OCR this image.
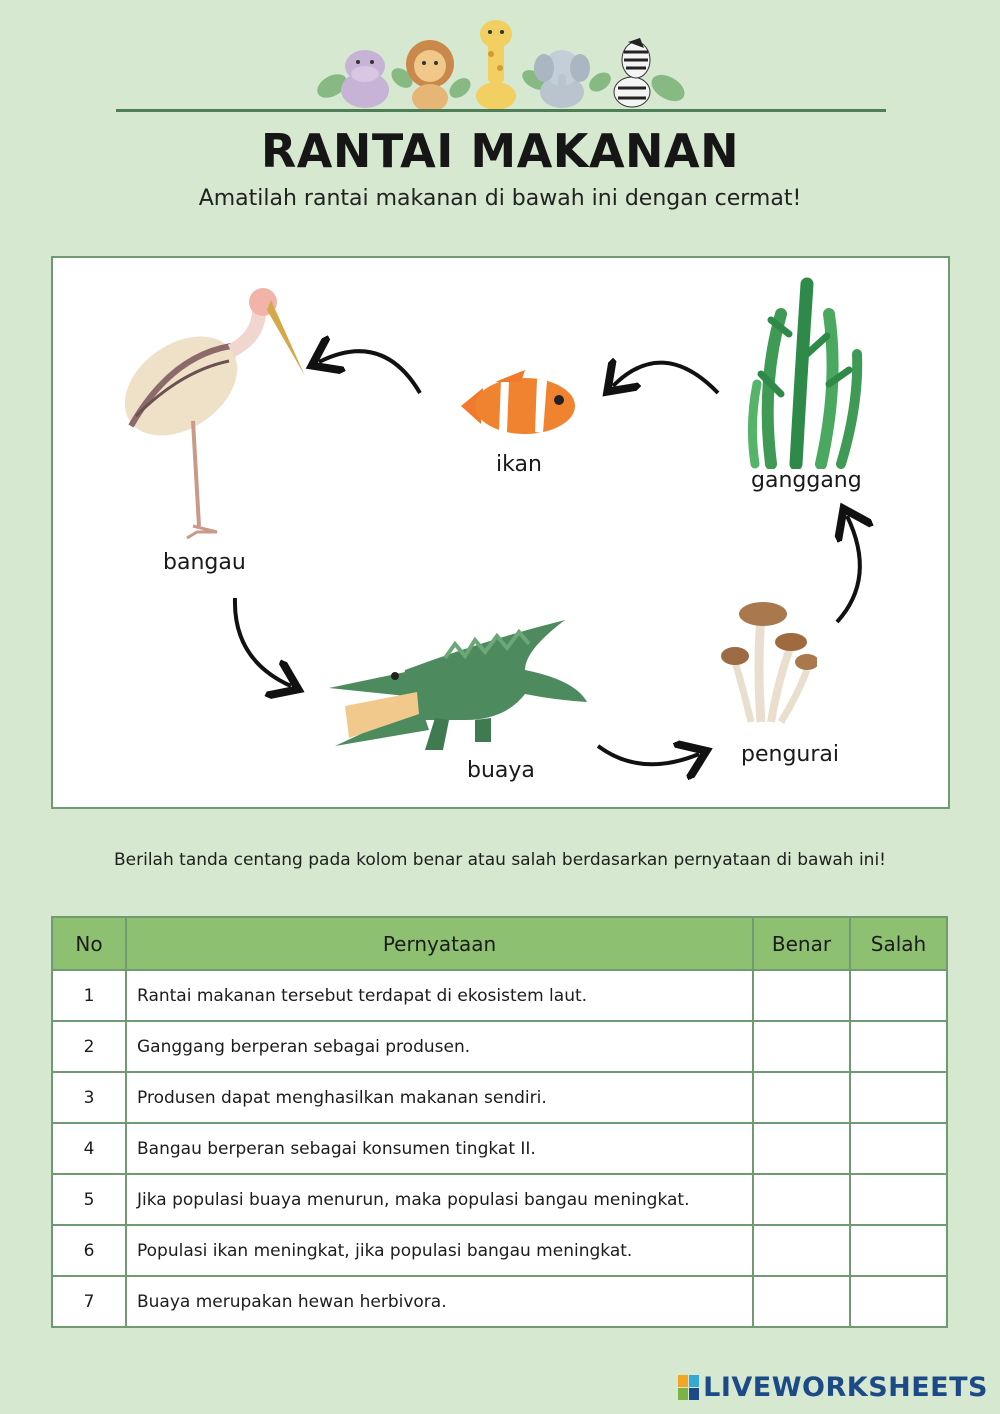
RANTAI MAKANAN
Amatilah rantai makanan di bawah ini dengan cermat!
bangau
ikan
ganggang
buaya
pengurai
Berilah tanda centang pada kolom benar atau salah berdasarkan pernyataan di bawah ini!
No	Pernyataan	Benar	Salah
1	Rantai makanan tersebut terdapat di ekosistem laut.		
2	Ganggang berperan sebagai produsen.		
3	Produsen dapat menghasilkan makanan sendiri.		
4	Bangau berperan sebagai konsumen tingkat II.		
5	Jika populasi buaya menurun, maka populasi bangau meningkat.		
6	Populasi ikan meningkat, jika populasi bangau meningkat.		
7	Buaya merupakan hewan herbivora.		
LIVEWORKSHEETS
